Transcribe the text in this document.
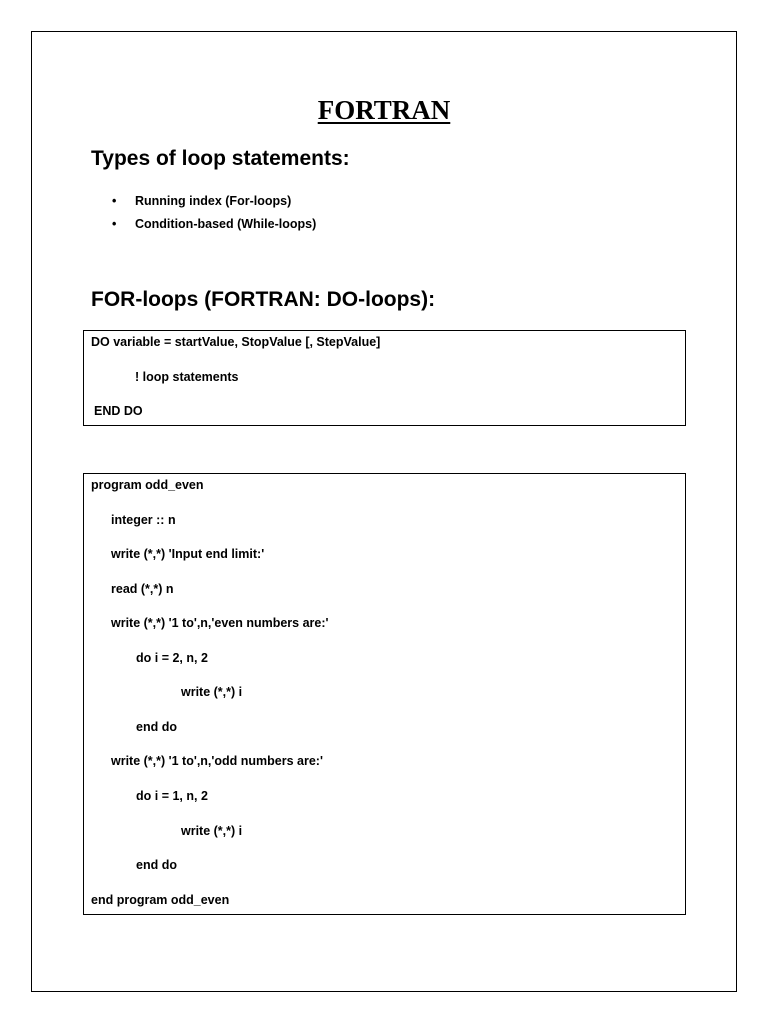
FORTRAN
Types of loop statements:
• Running index (For-loops)
• Condition-based (While-loops)
FOR-loops (FORTRAN: DO-loops):
DO variable = startValue, StopValue [, StepValue]
! loop statements
END DO
program odd_even
integer :: n
write (*,*) 'Input end limit:'
read (*,*) n
write (*,*) '1 to',n,'even numbers are:'
do i = 2, n, 2
write (*,*) i
end do
write (*,*) '1 to',n,'odd numbers are:'
do i = 1, n, 2
write (*,*) i
end do
end program odd_even
